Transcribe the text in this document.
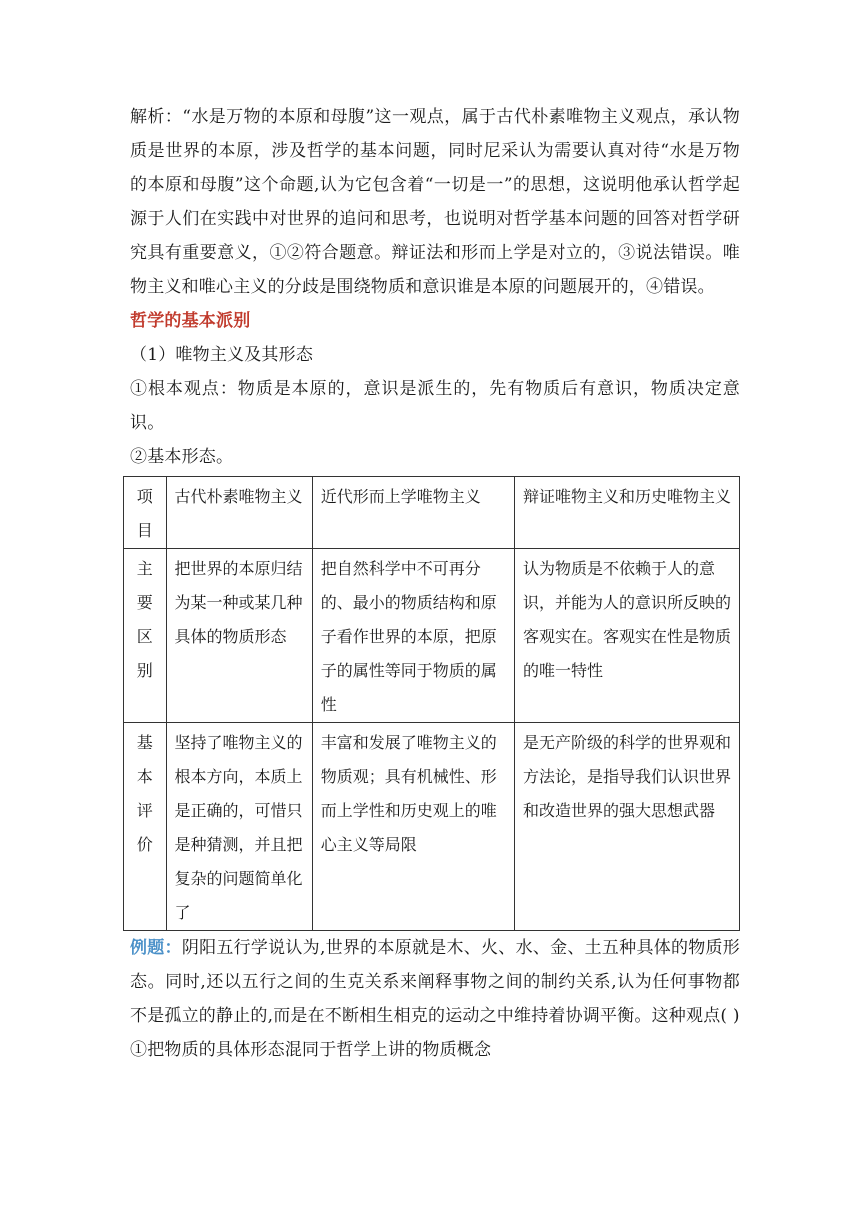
解析：“水是万物的本原和母腹”这一观点，属于古代朴素唯物主义观点，承认物质是世界的本原，涉及哲学的基本问题，同时尼采认为需要认真对待“水是万物的本原和母腹”这个命题,认为它包含着“一切是一”的思想，这说明他承认哲学起源于人们在实践中对世界的追问和思考，也说明对哲学基本问题的回答对哲学研究具有重要意义，①②符合题意。辩证法和形而上学是对立的，③说法错误。唯物主义和唯心主义的分歧是围绕物质和意识谁是本原的问题展开的，④错误。

哲学的基本派别

（1）唯物主义及其形态

①根本观点：物质是本原的，意识是派生的，先有物质后有意识，物质决定意识。

②基本形态。

项目	古代朴素唯物主义	近代形而上学唯物主义	辩证唯物主义和历史唯物主义
主要区别	把世界的本原归结为某一种或某几种具体的物质形态	把自然科学中不可再分的、最小的物质结构和原子看作世界的本原，把原子的属性等同于物质的属性	认为物质是不依赖于人的意识，并能为人的意识所反映的客观实在。客观实在性是物质的唯一特性
基本评价	坚持了唯物主义的根本方向，本质上是正确的，可惜只是种猜测，并且把复杂的问题简单化了	丰富和发展了唯物主义的物质观；具有机械性、形而上学性和历史观上的唯心主义等局限	是无产阶级的科学的世界观和方法论，是指导我们认识世界和改造世界的强大思想武器

例题：阴阳五行学说认为,世界的本原就是木、火、水、金、土五种具体的物质形态。同时,还以五行之间的生克关系来阐释事物之间的制约关系,认为任何事物都不是孤立的静止的,而是在不断相生相克的运动之中维持着协调平衡。这种观点( )

①把物质的具体形态混同于哲学上讲的物质概念
